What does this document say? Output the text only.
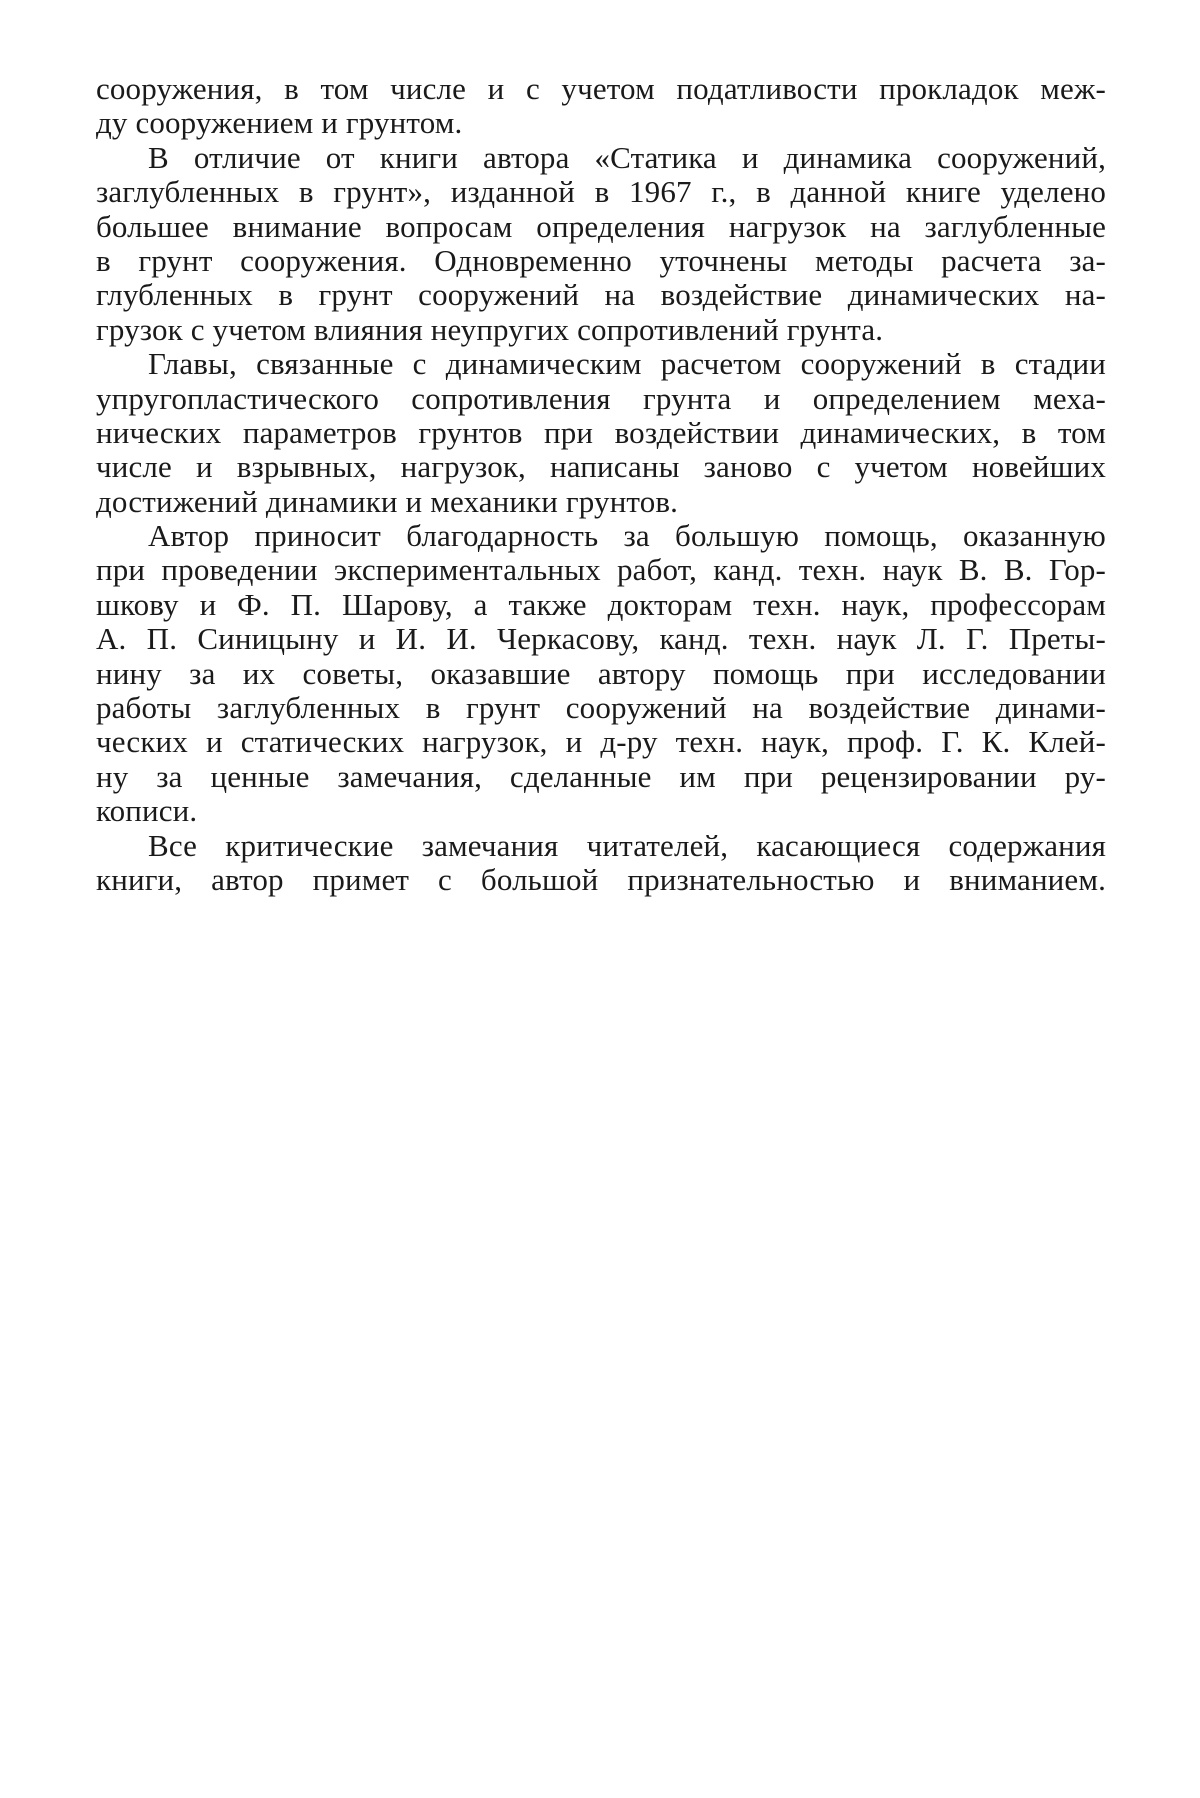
сооружения, в том числе и с учетом податливости прокладок меж-
ду сооружением и грунтом.
В отличие от книги автора «Статика и динамика сооружений,
заглубленных в грунт», изданной в 1967 г., в данной книге уделено
большее внимание вопросам определения нагрузок на заглубленные
в грунт сооружения. Одновременно уточнены методы расчета за-
глубленных в грунт сооружений на воздействие динамических на-
грузок с учетом влияния неупругих сопротивлений грунта.
Главы, связанные с динамическим расчетом сооружений в стадии
упругопластического сопротивления грунта и определением меха-
нических параметров грунтов при воздействии динамических, в том
числе и взрывных, нагрузок, написаны заново с учетом новейших
достижений динамики и механики грунтов.
Автор приносит благодарность за большую помощь, оказанную
при проведении экспериментальных работ, канд. техн. наук В. В. Гор-
шкову и Ф. П. Шарову, а также докторам техн. наук, профессорам
А. П. Синицыну и И. И. Черкасову, канд. техн. наук Л. Г. Преты-
нину за их советы, оказавшие автору помощь при исследовании
работы заглубленных в грунт сооружений на воздействие динами-
ческих и статических нагрузок, и д-ру техн. наук, проф. Г. К. Клей-
ну за ценные замечания, сделанные им при рецензировании ру-
кописи.
Все критические замечания читателей, касающиеся содержания
книги, автор примет с большой признательностью и вниманием.
